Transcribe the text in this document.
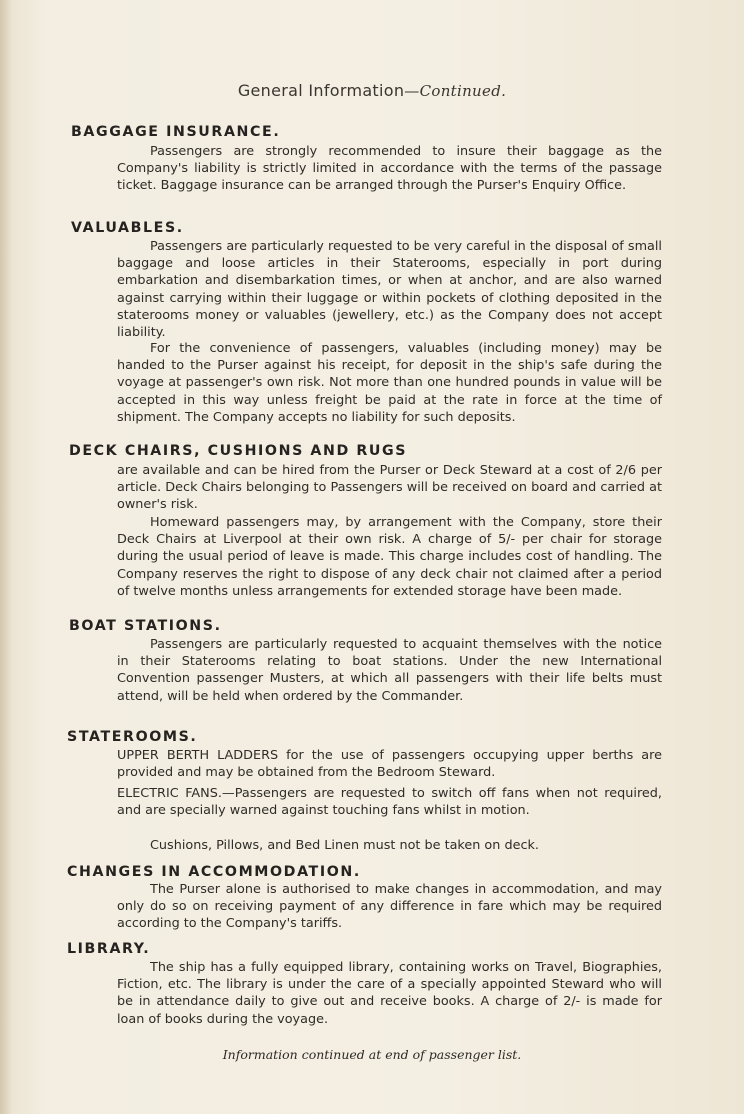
General Information—Continued.
BAGGAGE INSURANCE.
Passengers are strongly recommended to insure their baggage as the Company's liability is strictly limited in accordance with the terms of the passage ticket. Baggage insurance can be arranged through the Purser's Enquiry Office.
VALUABLES.
Passengers are particularly requested to be very careful in the disposal of small baggage and loose articles in their Staterooms, especially in port during embarkation and disembarkation times, or when at anchor, and are also warned against carrying within their luggage or within pockets of clothing deposited in the staterooms money or valuables (jewellery, etc.) as the Company does not accept liability.
For the convenience of passengers, valuables (including money) may be handed to the Purser against his receipt, for deposit in the ship's safe during the voyage at passenger's own risk. Not more than one hundred pounds in value will be accepted in this way unless freight be paid at the rate in force at the time of shipment. The Company accepts no liability for such deposits.
DECK CHAIRS, CUSHIONS AND RUGS
are available and can be hired from the Purser or Deck Steward at a cost of 2/6 per article. Deck Chairs belonging to Passengers will be received on board and carried at owner's risk.
Homeward passengers may, by arrangement with the Company, store their Deck Chairs at Liverpool at their own risk. A charge of 5/- per chair for storage during the usual period of leave is made. This charge includes cost of handling. The Company reserves the right to dispose of any deck chair not claimed after a period of twelve months unless arrangements for extended storage have been made.
BOAT STATIONS.
Passengers are particularly requested to acquaint themselves with the notice in their Staterooms relating to boat stations. Under the new International Convention passenger Musters, at which all passengers with their life belts must attend, will be held when ordered by the Commander.
STATEROOMS.
UPPER BERTH LADDERS for the use of passengers occupying upper berths are provided and may be obtained from the Bedroom Steward.
ELECTRIC FANS.—Passengers are requested to switch off fans when not required, and are specially warned against touching fans whilst in motion.
Cushions, Pillows, and Bed Linen must not be taken on deck.
CHANGES IN ACCOMMODATION.
The Purser alone is authorised to make changes in accommodation, and may only do so on receiving payment of any difference in fare which may be required according to the Company's tariffs.
LIBRARY.
The ship has a fully equipped library, containing works on Travel, Biographies, Fiction, etc. The library is under the care of a specially appointed Steward who will be in attendance daily to give out and receive books. A charge of 2/- is made for loan of books during the voyage.
Information continued at end of passenger list.
